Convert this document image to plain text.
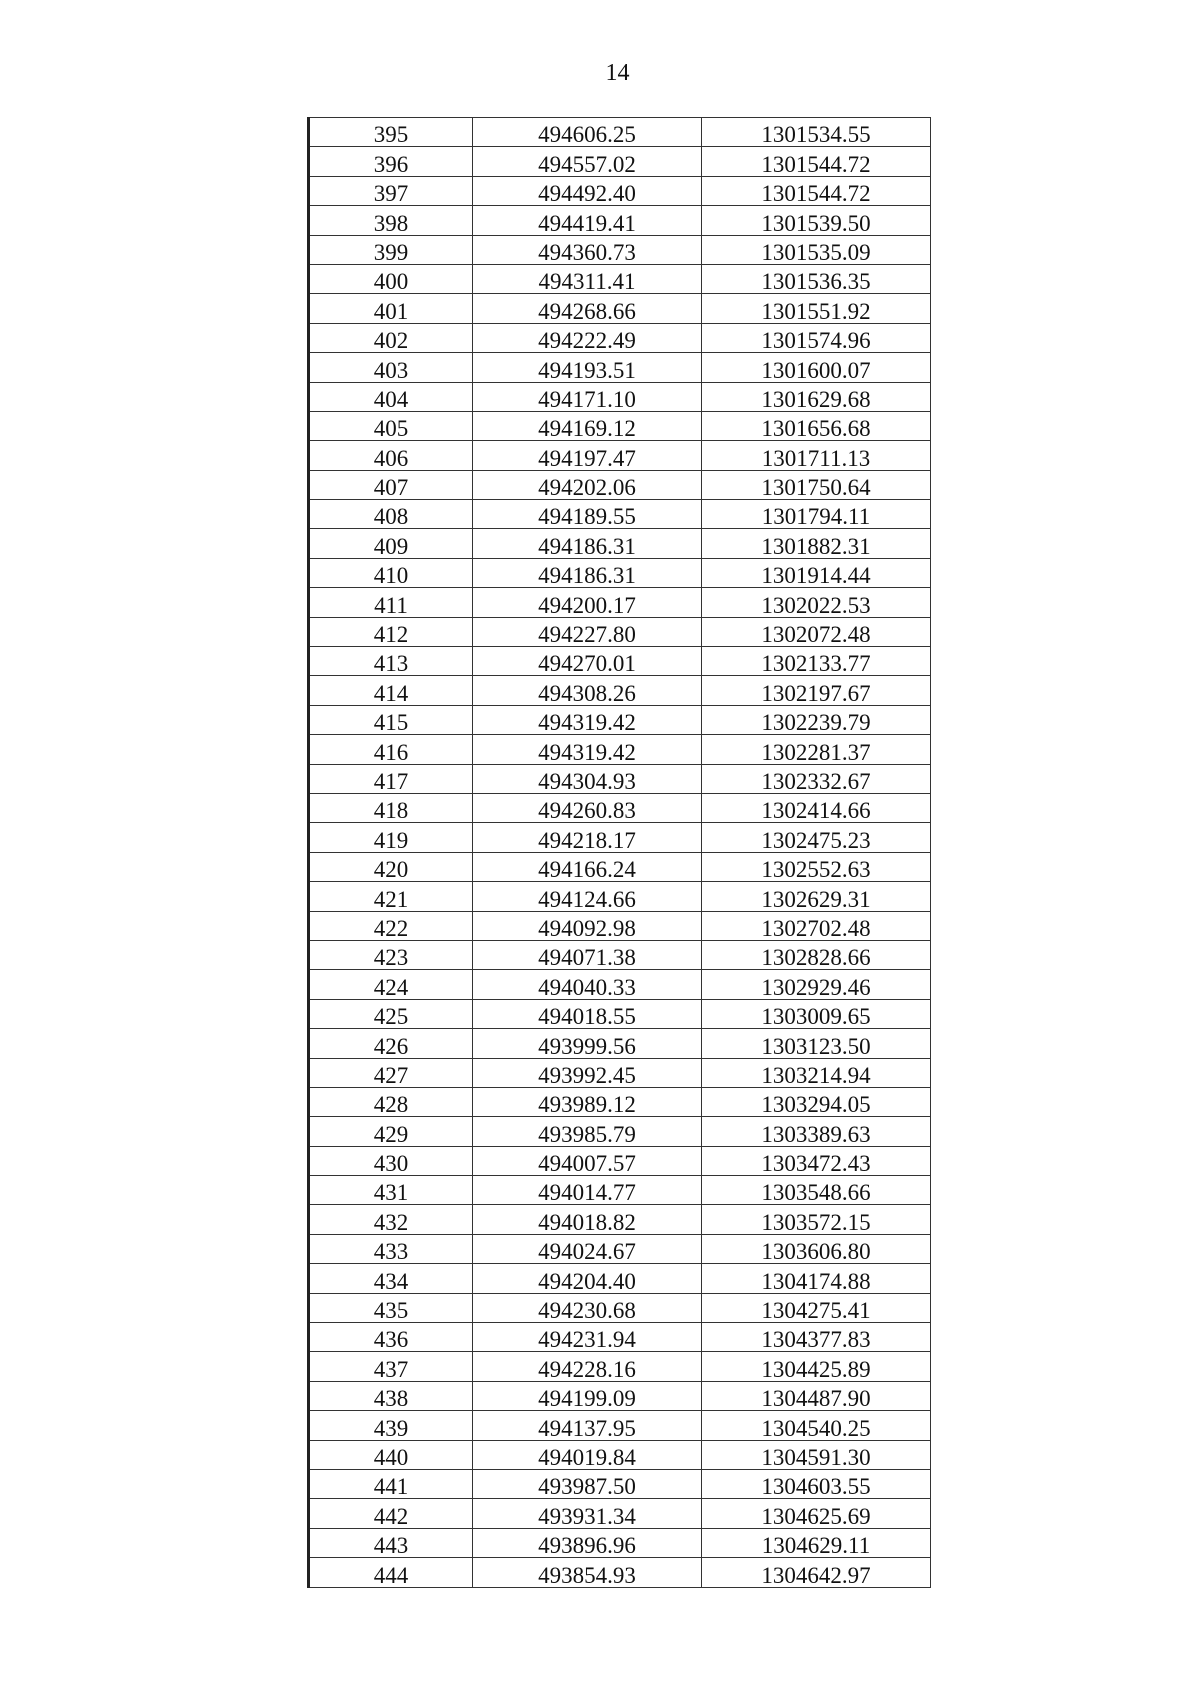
14
395	494606.25	1301534.55
396	494557.02	1301544.72
397	494492.40	1301544.72
398	494419.41	1301539.50
399	494360.73	1301535.09
400	494311.41	1301536.35
401	494268.66	1301551.92
402	494222.49	1301574.96
403	494193.51	1301600.07
404	494171.10	1301629.68
405	494169.12	1301656.68
406	494197.47	1301711.13
407	494202.06	1301750.64
408	494189.55	1301794.11
409	494186.31	1301882.31
410	494186.31	1301914.44
411	494200.17	1302022.53
412	494227.80	1302072.48
413	494270.01	1302133.77
414	494308.26	1302197.67
415	494319.42	1302239.79
416	494319.42	1302281.37
417	494304.93	1302332.67
418	494260.83	1302414.66
419	494218.17	1302475.23
420	494166.24	1302552.63
421	494124.66	1302629.31
422	494092.98	1302702.48
423	494071.38	1302828.66
424	494040.33	1302929.46
425	494018.55	1303009.65
426	493999.56	1303123.50
427	493992.45	1303214.94
428	493989.12	1303294.05
429	493985.79	1303389.63
430	494007.57	1303472.43
431	494014.77	1303548.66
432	494018.82	1303572.15
433	494024.67	1303606.80
434	494204.40	1304174.88
435	494230.68	1304275.41
436	494231.94	1304377.83
437	494228.16	1304425.89
438	494199.09	1304487.90
439	494137.95	1304540.25
440	494019.84	1304591.30
441	493987.50	1304603.55
442	493931.34	1304625.69
443	493896.96	1304629.11
444	493854.93	1304642.97
